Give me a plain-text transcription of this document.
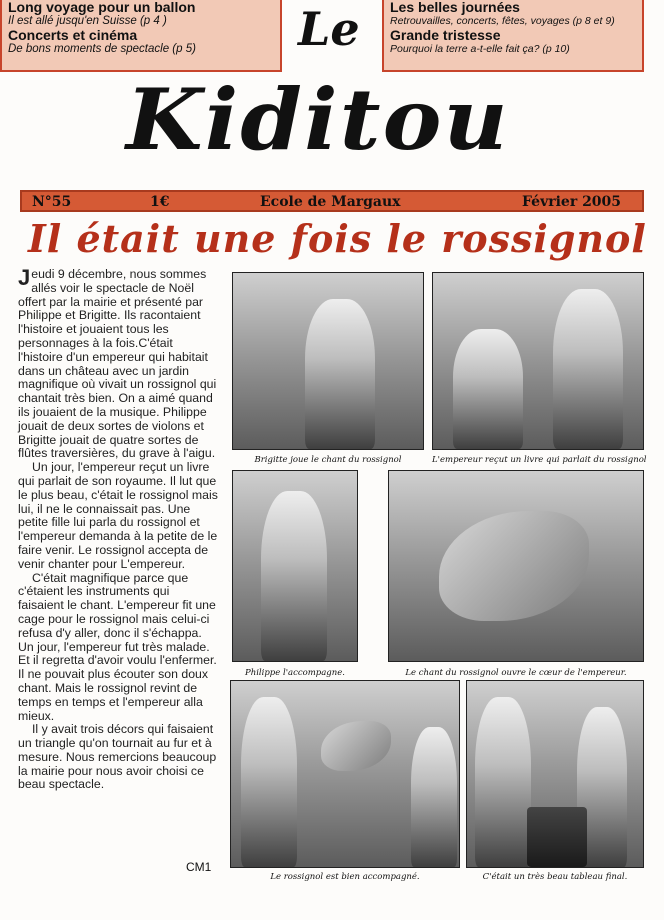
Long voyage pour un ballon
Il est allé jusqu'en Suisse (p 4 )
Concerts et cinéma
De bons moments de spectacle (p 5)
Les belles journées
Retrouvailles, concerts, fêtes, voyages (p 8 et 9)
Grande tristesse
Pourquoi la terre a-t-elle fait ça? (p 10)
Le
Kiditou
N°55	1€	Ecole de Margaux	Février 2005
Il était une fois le rossignol

Jeudi 9 décembre, nous sommes allés voir le spectacle de Noël offert par la mairie et présenté par Philippe et Brigitte. Ils racontaient l'histoire et jouaient tous les personnages à la fois.C'était l'histoire d'un empereur qui habitait dans un château avec un jardin magnifique où vivait un rossignol qui chantait très bien. On a aimé quand ils jouaient de la musique. Philippe jouait de deux sortes de violons et Brigitte jouait de quatre sortes de flûtes traversières, du grave à l'aigu.

Un jour, l'empereur reçut un livre qui parlait de son royaume. Il lut que le plus beau, c'était le rossignol mais lui, il ne le connaissait pas. Une petite fille lui parla du rossignol et l'empereur demanda à la petite de le faire venir. Le rossignol accepta de venir chanter pour L'empereur.

C'était magnifique parce que c'étaient les instruments qui faisaient le chant. L'empereur fit une cage pour le rossignol mais celui-ci refusa d'y aller, donc il s'échappa. Un jour, l'empereur fut très malade. Et il regretta d'avoir voulu l'enfermer. Il ne pouvait plus écouter son doux chant. Mais le rossignol revint de temps en temps et l'empereur alla mieux.

Il y avait trois décors qui faisaient un triangle qu'on tournait au fur et à mesure. Nous remercions beaucoup la mairie pour nous avoir choisi ce beau spectacle.

CM1
Brigitte joue le chant du rossignol	L'empereur reçut un livre qui parlait du rossignol
Philippe l'accompagne.	Le chant du rossignol ouvre le cœur de l'empereur.
Le rossignol est bien accompagné.	C'était un très beau tableau final.
